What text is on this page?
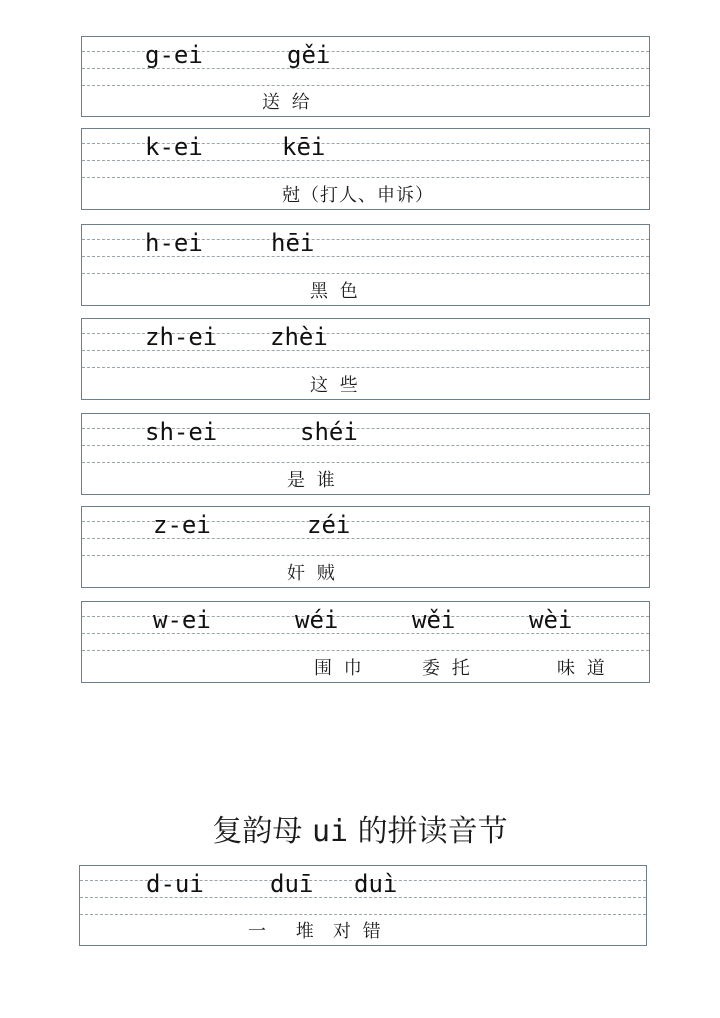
g-ei	gěi
送 给
k-ei	kēi
尅（打人、申诉）
h-ei	hēi
黑 色
zh-ei zhèi
这 些
sh-ei	shéi
是 谁
z-ei	zéi
奸 贼
w-ei	wéi	wěi	wèi
围 巾	委 托	味 道
复韵母 ui 的拼读音节
d-ui	duī duì
一 堆 对 错
